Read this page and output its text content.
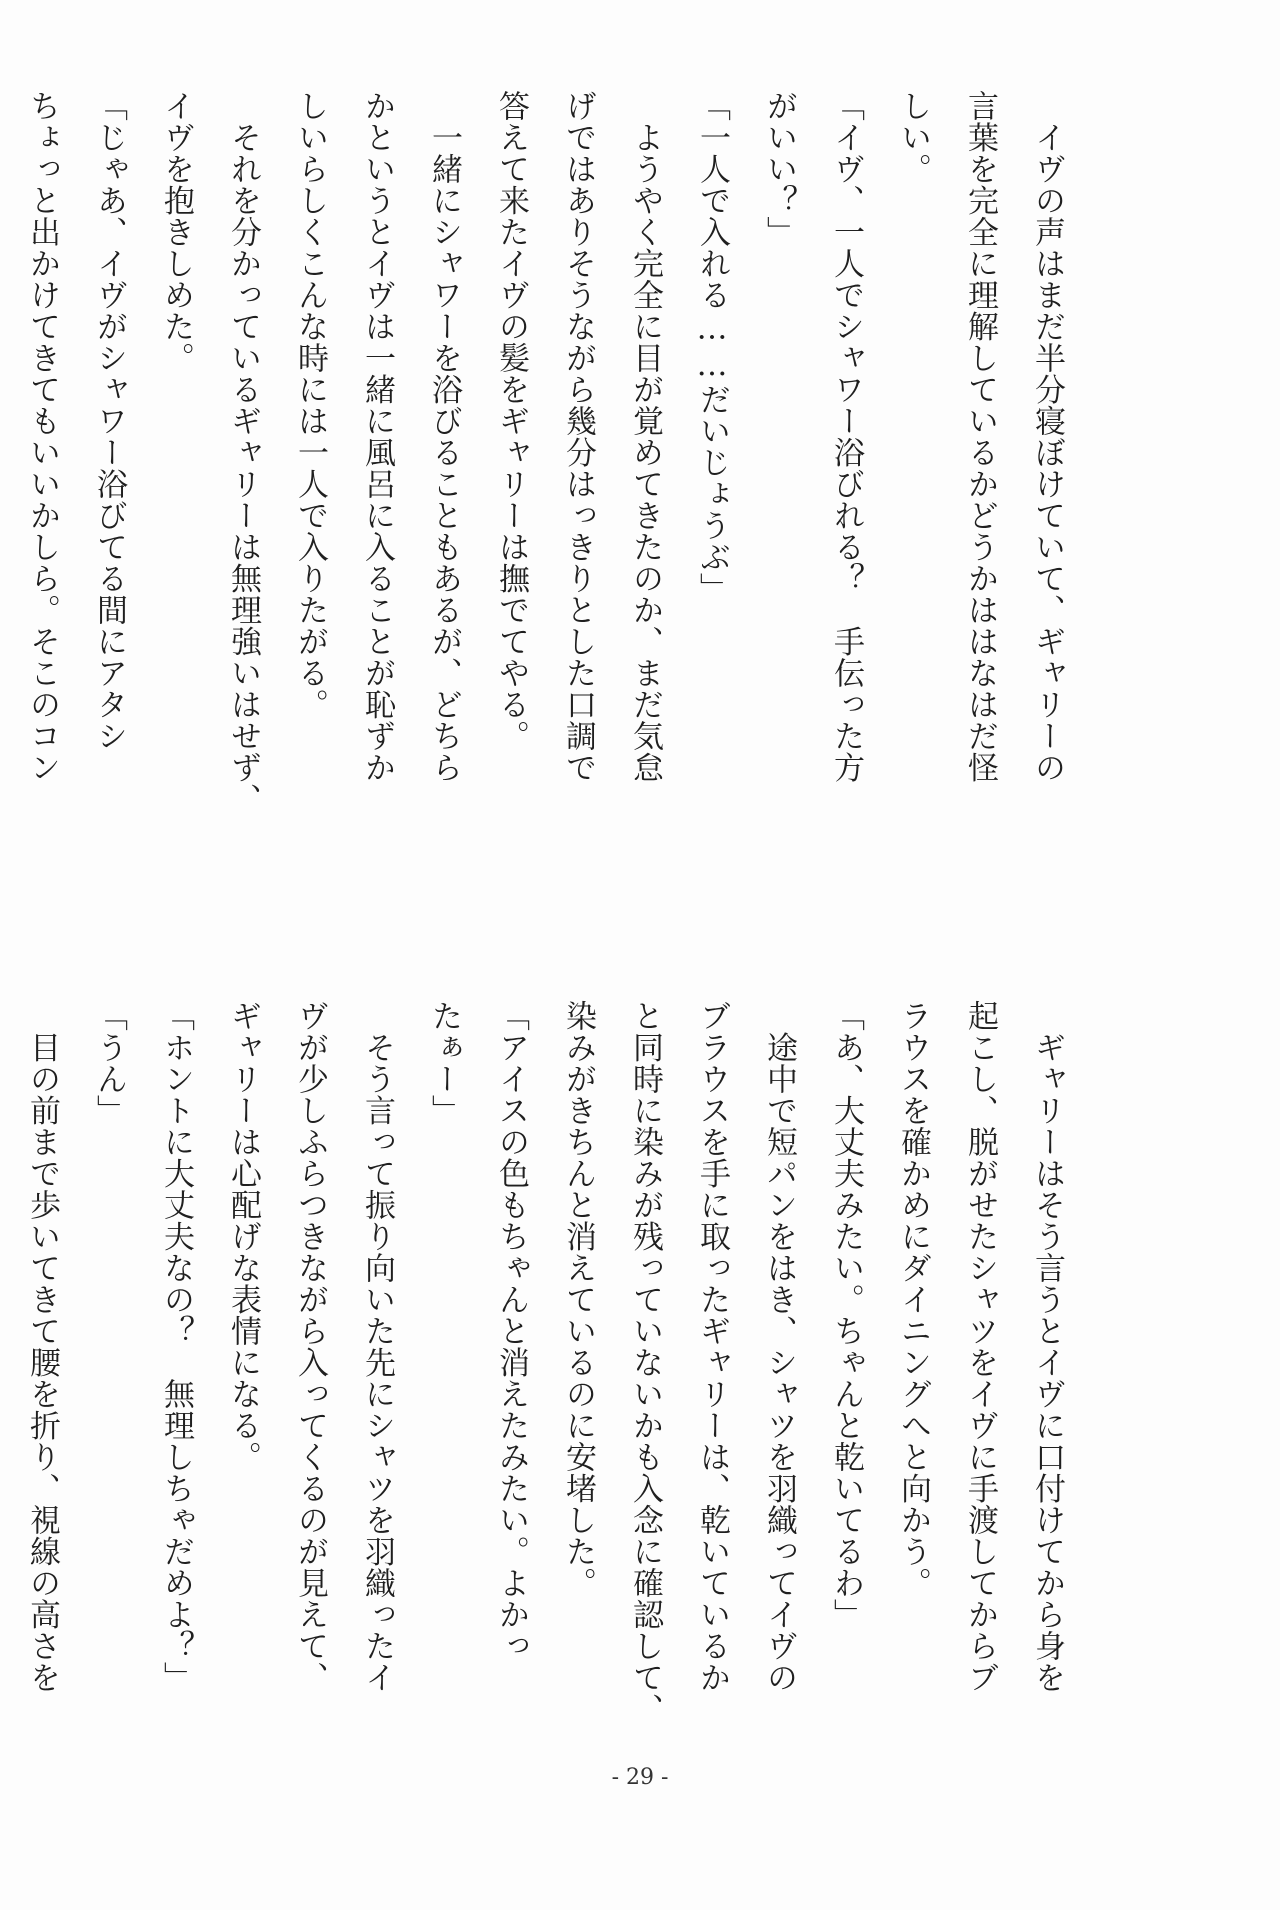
　イヴの声はまだ半分寝ぼけていて、ギャリーの
言葉を完全に理解しているかどうかははなはだ怪
しい。
「イヴ、一人でシャワー浴びれる？　手伝った方
がいい？」
「一人で入れる……だいじょうぶ」
　ようやく完全に目が覚めてきたのか、まだ気怠
げではありそうながら幾分はっきりとした口調で
答えて来たイヴの髪をギャリーは撫でてやる。
　一緒にシャワーを浴びることもあるが、どちら
かというとイヴは一緒に風呂に入ることが恥ずか
しいらしくこんな時には一人で入りたがる。
　それを分かっているギャリーは無理強いはせず、
イヴを抱きしめた。
「じゃあ、イヴがシャワー浴びてる間にアタシ
ちょっと出かけてきてもいいかしら。そこのコン
　ギャリーはそう言うとイヴに口付けてから身を
起こし、脱がせたシャツをイヴに手渡してからブ
ラウスを確かめにダイニングへと向かう。
「あ、大丈夫みたい。ちゃんと乾いてるわ」
　途中で短パンをはき、シャツを羽織ってイヴの
ブラウスを手に取ったギャリーは、乾いているか
と同時に染みが残っていないかも入念に確認して、
染みがきちんと消えているのに安堵した。
「アイスの色もちゃんと消えたみたい。よかっ
たぁー」
　そう言って振り向いた先にシャツを羽織ったイ
ヴが少しふらつきながら入ってくるのが見えて、
ギャリーは心配げな表情になる。
「ホントに大丈夫なの？　無理しちゃだめよ？」
「うん」
　目の前まで歩いてきて腰を折り、視線の高さを
- 29 -
